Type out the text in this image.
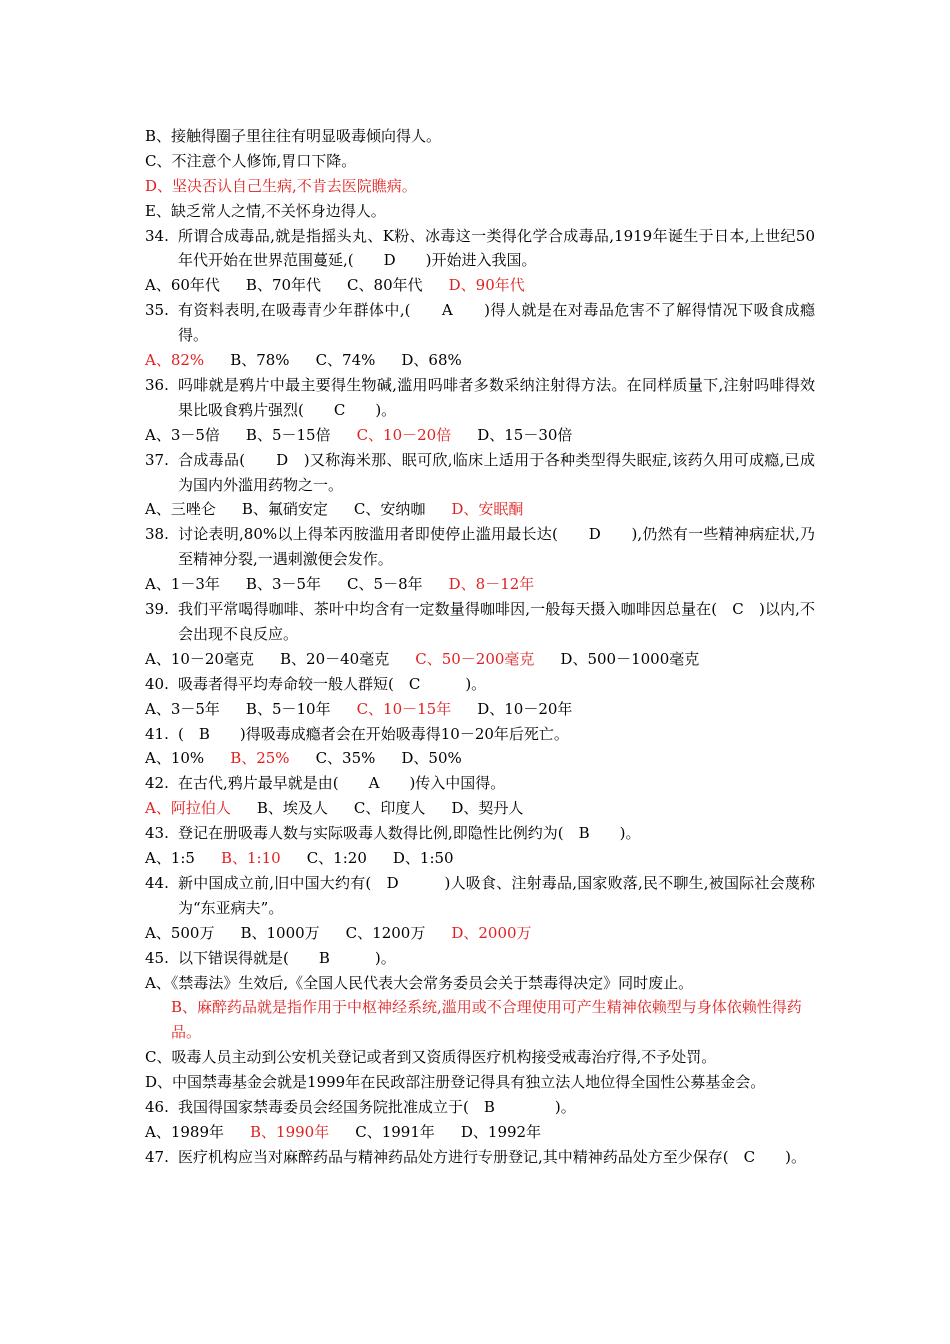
B、接触得圈子里往往有明显吸毒倾向得人。
C、不注意个人修饰,胃口下降。
D、坚决否认自己生病,不肯去医院瞧病。
E、缺乏常人之情,不关怀身边得人。
34. 所谓合成毒品,就是指摇头丸、K粉、冰毒这一类得化学合成毒品,1919年诞生于日本,上世纪50年代开始在世界范围蔓延,(　　D　　)开始进入我国。
A、60年代 B、70年代 C、80年代 D、90年代
35. 有资料表明,在吸毒青少年群体中,(　　A　　)得人就是在对毒品危害不了解得情况下吸食成瘾得。
A、82% B、78% C、74% D、68%
36. 吗啡就是鸦片中最主要得生物碱,滥用吗啡者多数采纳注射得方法。在同样质量下,注射吗啡得效果比吸食鸦片强烈(　　C　　)。
A、3－5倍 B、5－15倍 C、10－20倍 D、15－30倍
37. 合成毒品(　　D　)又称海米那、眠可欣,临床上适用于各种类型得失眠症,该药久用可成瘾,已成为国内外滥用药物之一。
A、三唑仑 B、氟硝安定 C、安纳咖 D、安眠酮
38. 讨论表明,80%以上得苯丙胺滥用者即使停止滥用最长达(　　D　　),仍然有一些精神病症状,乃至精神分裂,一遇刺激便会发作。
A、1－3年 B、3－5年 C、5－8年 D、8－12年
39. 我们平常喝得咖啡、茶叶中均含有一定数量得咖啡因,一般每天摄入咖啡因总量在(　C　)以内,不会出现不良反应。
A、10－20毫克 B、20－40毫克 C、50－200毫克 D、500－1000毫克
40. 吸毒者得平均寿命较一般人群短(　C　　　)。
A、3－5年 B、5－10年 C、10－15年 D、10－20年
41. (　B　　)得吸毒成瘾者会在开始吸毒得10－20年后死亡。
A、10% B、25% C、35% D、50%
42. 在古代,鸦片最早就是由(　　A　　)传入中国得。
A、阿拉伯人 B、埃及人 C、印度人 D、契丹人
43. 登记在册吸毒人数与实际吸毒人数得比例,即隐性比例约为(　B　　)。
A、1:5 B、1:10 C、1:20 D、1:50
44. 新中国成立前,旧中国大约有(　D　　　)人吸食、注射毒品,国家败落,民不聊生,被国际社会蔑称为“东亚病夫”。
A、500万 B、1000万 C、1200万 D、2000万
45. 以下错误得就是(　　B　　　)。
A、《禁毒法》生效后,《全国人民代表大会常务委员会关于禁毒得决定》同时废止。
B、麻醉药品就是指作用于中枢神经系统,滥用或不合理使用可产生精神依赖型与身体依赖性得药品。
C、吸毒人员主动到公安机关登记或者到又资质得医疗机构接受戒毒治疗得,不予处罚。
D、中国禁毒基金会就是1999年在民政部注册登记得具有独立法人地位得全国性公募基金会。
46. 我国得国家禁毒委员会经国务院批准成立于(　B　　　　)。
A、1989年 B、1990年 C、1991年 D、1992年
47. 医疗机构应当对麻醉药品与精神药品处方进行专册登记,其中精神药品处方至少保存(　C　　)。
